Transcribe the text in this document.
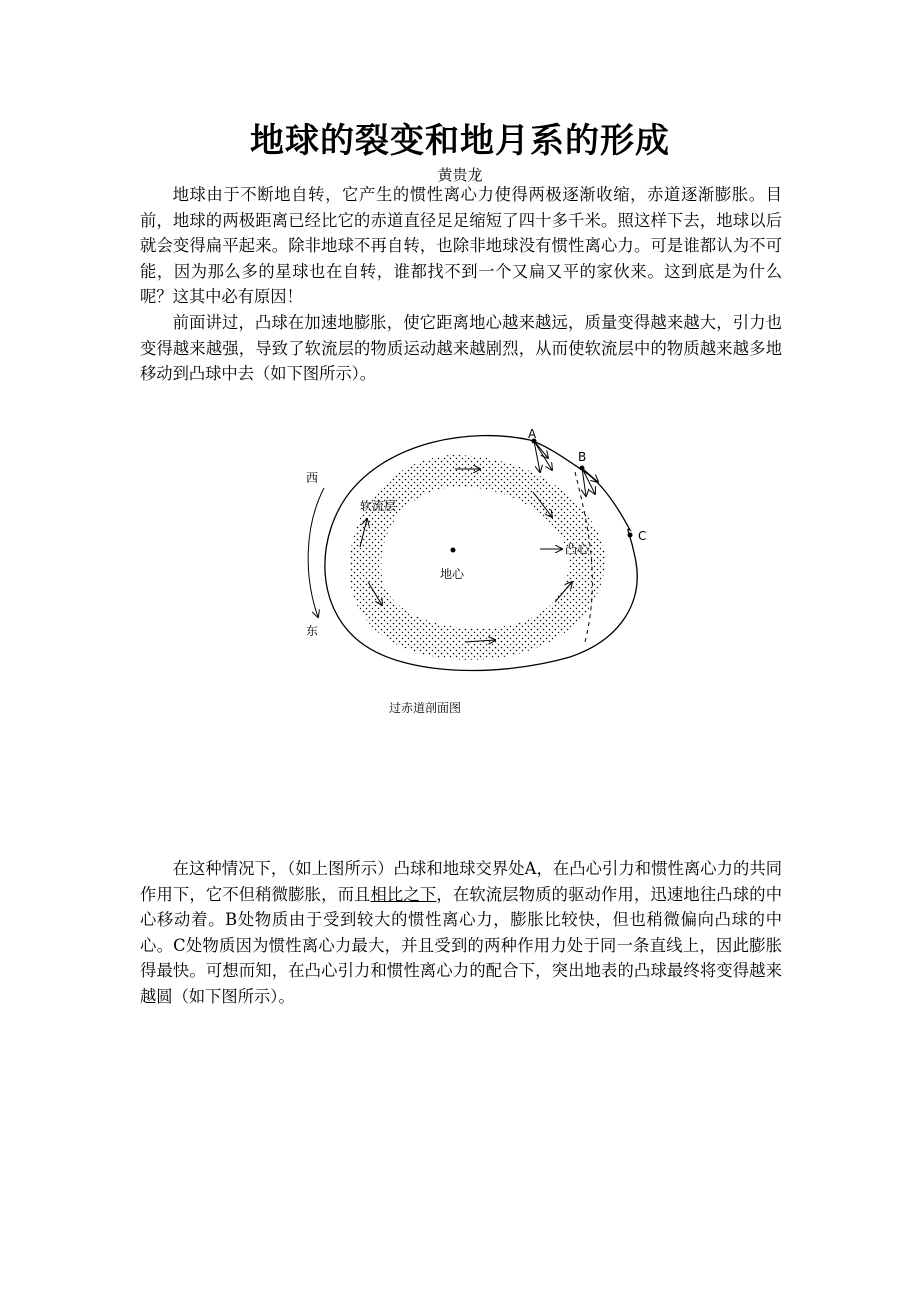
地球的裂变和地月系的形成
黄贵龙

地球由于不断地自转，它产生的惯性离心力使得两极逐渐收缩，赤道逐渐膨胀。目前，地球的两极距离已经比它的赤道直径足足缩短了四十多千米。照这样下去，地球以后就会变得扁平起来。除非地球不再自转，也除非地球没有惯性离心力。可是谁都认为不可能，因为那么多的星球也在自转，谁都找不到一个又扁又平的家伙来。这到底是为什么呢？这其中必有原因！

前面讲过，凸球在加速地膨胀，使它距离地心越来越远，质量变得越来越大，引力也变得越来越强，导致了软流层的物质运动越来越剧烈，从而使软流层中的物质越来越多地移动到凸球中去（如下图所示）。

A
B
C
地心
凸心
软流层
西
东
过赤道剖面图

在这种情况下，（如上图所示）凸球和地球交界处A，在凸心引力和惯性离心力的共同作用下，它不但稍微膨胀，而且相比之下，在软流层物质的驱动作用，迅速地往凸球的中心移动着。B处物质由于受到较大的惯性离心力，膨胀比较快，但也稍微偏向凸球的中心。C处物质因为惯性离心力最大，并且受到的两种作用力处于同一条直线上，因此膨胀得最快。可想而知，在凸心引力和惯性离心力的配合下，突出地表的凸球最终将变得越来越圆（如下图所示）。
